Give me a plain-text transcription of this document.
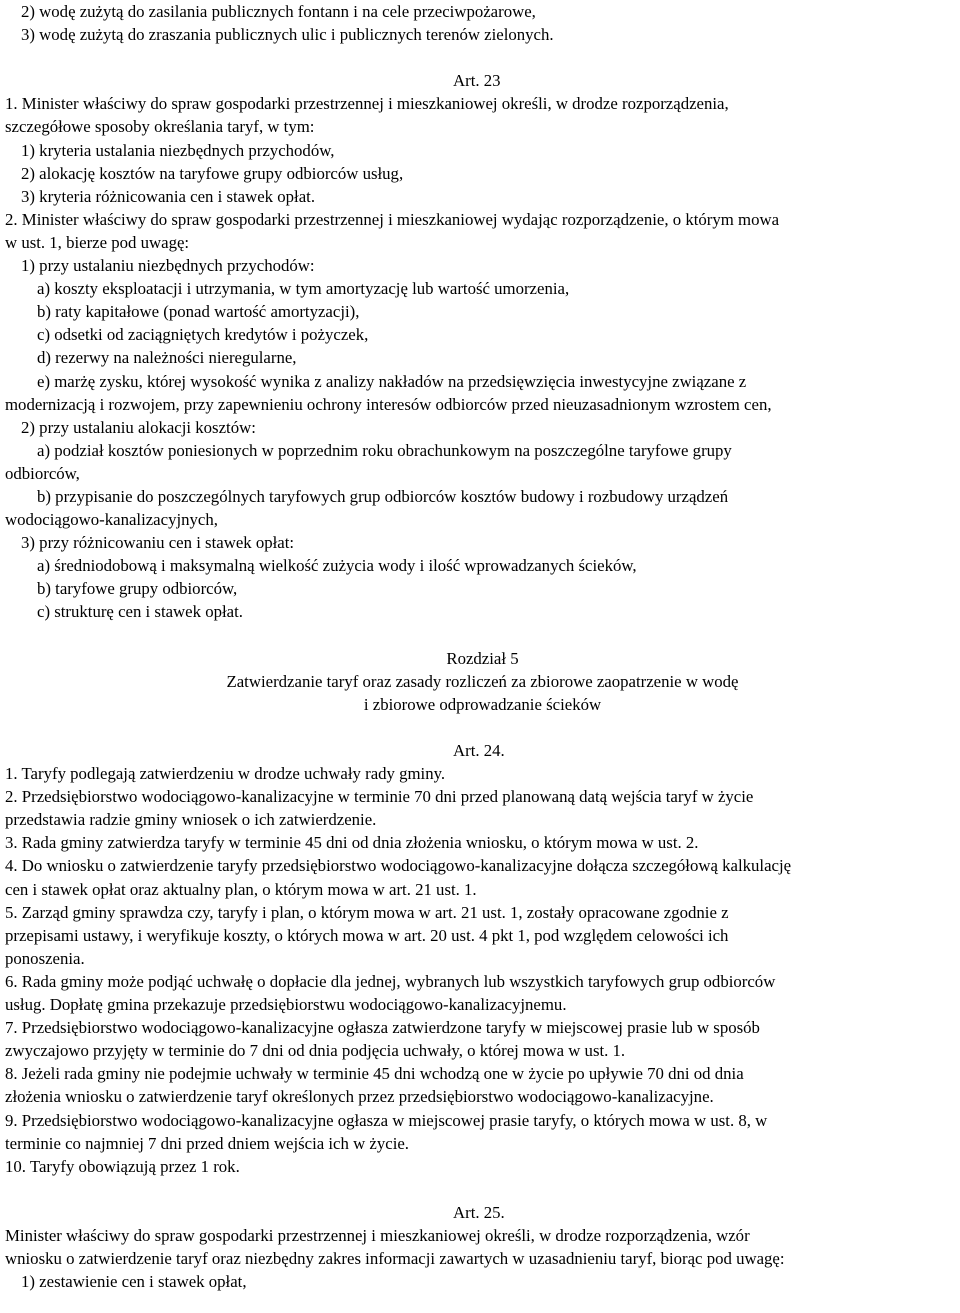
2) wodę zużytą do zasilania publicznych fontann i na cele przeciwpożarowe,
3) wodę zużytą do zraszania publicznych ulic i publicznych terenów zielonych.
Art. 23
1. Minister właściwy do spraw gospodarki przestrzennej i mieszkaniowej określi, w drodze rozporządzenia,
szczegółowe sposoby określania taryf, w tym:
1) kryteria ustalania niezbędnych przychodów,
2) alokację kosztów na taryfowe grupy odbiorców usług,
3) kryteria różnicowania cen i stawek opłat.
2. Minister właściwy do spraw gospodarki przestrzennej i mieszkaniowej wydając rozporządzenie, o którym mowa
w ust. 1, bierze pod uwagę:
1) przy ustalaniu niezbędnych przychodów:
a) koszty eksploatacji i utrzymania, w tym amortyzację lub wartość umorzenia,
b) raty kapitałowe (ponad wartość amortyzacji),
c) odsetki od zaciągniętych kredytów i pożyczek,
d) rezerwy na należności nieregularne,
e) marżę zysku, której wysokość wynika z analizy nakładów na przedsięwzięcia inwestycyjne związane z
modernizacją i rozwojem, przy zapewnieniu ochrony interesów odbiorców przed nieuzasadnionym wzrostem cen,
2) przy ustalaniu alokacji kosztów:
a) podział kosztów poniesionych w poprzednim roku obrachunkowym na poszczególne taryfowe grupy
odbiorców,
b) przypisanie do poszczególnych taryfowych grup odbiorców kosztów budowy i rozbudowy urządzeń
wodociągowo-kanalizacyjnych,
3) przy różnicowaniu cen i stawek opłat:
a) średniodobową i maksymalną wielkość zużycia wody i ilość wprowadzanych ścieków,
b) taryfowe grupy odbiorców,
c) strukturę cen i stawek opłat.
Rozdział 5
Zatwierdzanie taryf oraz zasady rozliczeń za zbiorowe zaopatrzenie w wodę
i zbiorowe odprowadzanie ścieków
Art. 24.
1. Taryfy podlegają zatwierdzeniu w drodze uchwały rady gminy.
2. Przedsiębiorstwo wodociągowo-kanalizacyjne w terminie 70 dni przed planowaną datą wejścia taryf w życie
przedstawia radzie gminy wniosek o ich zatwierdzenie.
3. Rada gminy zatwierdza taryfy w terminie 45 dni od dnia złożenia wniosku, o którym mowa w ust. 2.
4. Do wniosku o zatwierdzenie taryfy przedsiębiorstwo wodociągowo-kanalizacyjne dołącza szczegółową kalkulację
cen i stawek opłat oraz aktualny plan, o którym mowa w art. 21 ust. 1.
5. Zarząd gminy sprawdza czy, taryfy i plan, o którym mowa w art. 21 ust. 1, zostały opracowane zgodnie z
przepisami ustawy, i weryfikuje koszty, o których mowa w art. 20 ust. 4 pkt 1, pod względem celowości ich
ponoszenia.
6. Rada gminy może podjąć uchwałę o dopłacie dla jednej, wybranych lub wszystkich taryfowych grup odbiorców
usług. Dopłatę gmina przekazuje przedsiębiorstwu wodociągowo-kanalizacyjnemu.
7. Przedsiębiorstwo wodociągowo-kanalizacyjne ogłasza zatwierdzone taryfy w miejscowej prasie lub w sposób
zwyczajowo przyjęty w terminie do 7 dni od dnia podjęcia uchwały, o której mowa w ust. 1.
8. Jeżeli rada gminy nie podejmie uchwały w terminie 45 dni wchodzą one w życie po upływie 70 dni od dnia
złożenia wniosku o zatwierdzenie taryf określonych przez przedsiębiorstwo wodociągowo-kanalizacyjne.
9. Przedsiębiorstwo wodociągowo-kanalizacyjne ogłasza w miejscowej prasie taryfy, o których mowa w ust. 8, w
terminie co najmniej 7 dni przed dniem wejścia ich w życie.
10. Taryfy obowiązują przez 1 rok.
Art. 25.
Minister właściwy do spraw gospodarki przestrzennej i mieszkaniowej określi, w drodze rozporządzenia, wzór
wniosku o zatwierdzenie taryf oraz niezbędny zakres informacji zawartych w uzasadnieniu taryf, biorąc pod uwagę:
1) zestawienie cen i stawek opłat,
